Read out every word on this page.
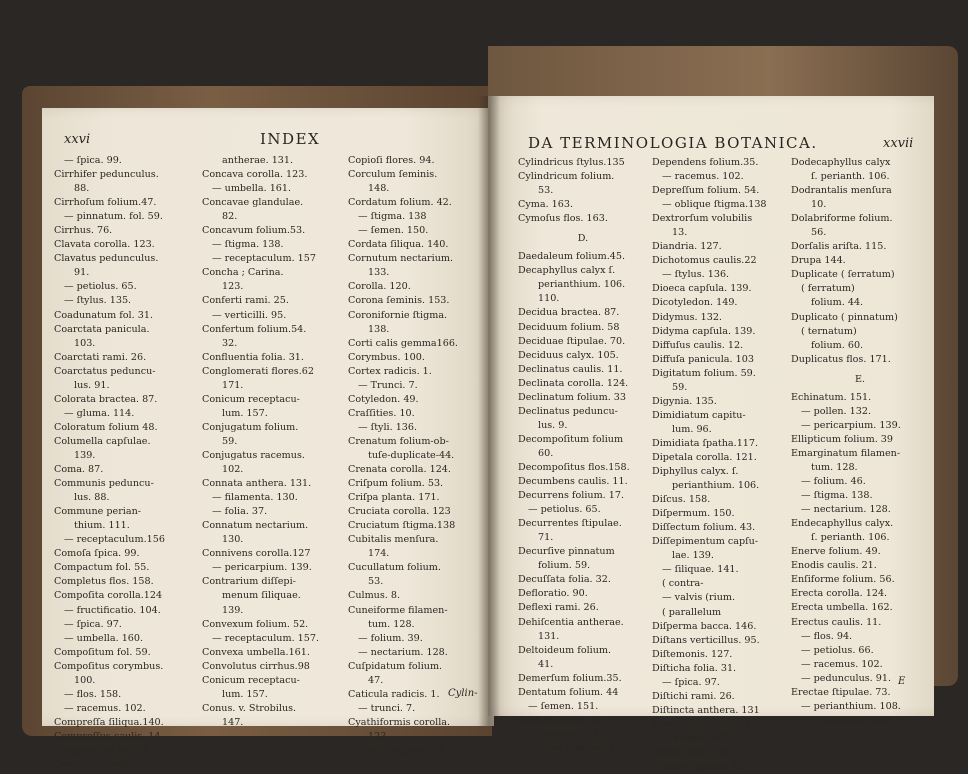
xxvi	INDEX
— ſpica. 99.
Cirrhifer pedunculus.
88.
Cirrhoſum folium.47.
— pinnatum. fol. 59.
Cirrhus. 76.
Clavata corolla. 123.
Clavatus pedunculus.
91.
— petiolus. 65.
— ſtylus. 135.
Coadunatum fol. 31.
Coarctata panicula.
103.
Coarctati rami. 26.
Coarctatus peduncu-
lus. 91.
Colorata bractea. 87.
— gluma. 114.
Coloratum folium 48.
Columella capſulae.
139.
Coma. 87.
Communis peduncu-
lus. 88.
Commune perian-
thium. 111.
— receptaculum.156
Comoſa ſpica. 99.
Compactum fol. 55.
Completus flos. 158.
Compoſita corolla.124
— fructificatio. 104.
— ſpica. 97.
— umbella. 160.
Compoſitum fol. 59.
Compoſitus corymbus.
100.
— flos. 158.
— racemus. 102.
Compreſſa ſiliqua.140.
Compreſſus caulis. 14.
Compreſſum fol. 59.
Cynatae ; coalitae
antherae. 131.
Concava corolla. 123.
— umbella. 161.
Concavae glandulae.
82.
Concavum folium.53.
— ſtigma. 138.
— receptaculum. 157
Concha ; Carina.
123.
Conferti rami. 25.
— verticilli. 95.
Confertum folium.54.
32.
Confluentia folia. 31.
Conglomerati flores.62
171.
Conicum receptacu-
lum. 157.
Conjugatum folium.
59.
Conjugatus racemus.
102.
Connata anthera. 131.
— filamenta. 130.
— folia. 37.
Connatum nectarium.
130.
Connivens corolla.127
— pericarpium. 139.
Contrarium diſſepi-
menum ſiliquae.
139.
Convexum folium. 52.
— receptaculum. 157.
Convexa umbella.161.
Convolutus cirrhus.98
Conicum receptacu-
lum. 157.
Conus. v. Strobilus.
147.
Copioſi flores. 94.
Corculum ſeminis.
148.
Cordatum folium. 42.
— ſtigma. 138
— ſemen. 150.
Cordata ſiliqua. 140.
Cornutum nectarium.
133.
Corolla. 120.
Corona ſeminis. 153.
Coronifornie ſtigma.
138.
Corti calis gemma166.
Corymbus. 100.
Cortex radicis. 1.
— Trunci. 7.
Cotyledon. 49.
Craſſities. 10.
— ſtyli. 136.
Crenatum folium-ob-
tuſe-duplicate-44.
Crenata corolla. 124.
Criſpum folium. 53.
Criſpa planta. 171.
Cruciata corolla. 123
Cruciatum ſtigma.138
Cubitalis menſura.
174.
Cucullatum folium.
53.
Culmus. 8.
Cuneiforme filamen-
tum. 128.
— folium. 39.
— nectarium. 128.
Cuſpidatum folium.
47.
Caticula radicis. 1.
— trunci. 7.
Cyathiformis corolla.
123.
Cylindrica ſpica. 98.
Cylin-
DA TERMINOLOGIA BOTANICA.	xxvii
Cylindricus ſtylus.135
Cylindricum folium.
53.
Cyma. 163.
Cymoſus flos. 163.
D.
Daedaleum folium.45.
Decaphyllus calyx ſ.
perianthium. 106.
110.
Decidua bractea. 87.
Deciduum folium. 58
Deciduae ſtipulae. 70.
Deciduus calyx. 105.
Declinatus caulis. 11.
Declinata corolla. 124.
Declinatum folium. 33
Declinatus peduncu-
lus. 9.
Decompoſitum folium
60.
Decompoſitus flos.158.
Decumbens caulis. 11.
Decurrens folium. 17.
— petiolus. 65.
Decurrentes ſtipulae.
71.
Decurſive pinnatum
folium. 59.
Decuſſata folia. 32.
Defloratio. 90.
Deflexi rami. 26.
Dehiſcentia antherae.
131.
Deltoideum folium.
41.
Demerſum folium.35.
Dentatum folium. 44
— ſemen. 151.
Dentata radix. 4.
— corolla. 124.
Dentatae ſtipulae. 74.
Dependens folium.35.
— racemus. 102.
Depreſſum folium. 54.
— oblique ſtigma.138
Dextrorſum volubilis
13.
Diandria. 127.
Dichotomus caulis.22
— ſtylus. 136.
Dioeca capſula. 139.
Dicotyledon. 149.
Didymus. 132.
Didyma capſula. 139.
Diffuſus caulis. 12.
Diffuſa panicula. 103
Digitatum folium. 59.
59.
Digynia. 135.
Dimidiatum capitu-
lum. 96.
Dimidiata ſpatha.117.
Dipetala corolla. 121.
Diphyllus calyx. ſ.
perianthium. 106.
Diſcus. 158.
Diſpermum. 150.
Diſſectum folium. 43.
Diſſepimentum capſu-
lae. 139.
— ſiliquae. 141.
( contra-
— valvis (rium.
( parallelum
Diſperma bacca. 146.
Diſtans verticillus. 95.
Diſtemonis. 127.
Diſticha folia. 31.
— ſpica. 97.
Diſtichi rami. 26.
Diſtincta anthera. 131
Divaricatus caulis. 23.
— ramus. 169.
Diviſa folia. 124.
Diviſae ſtipulae. 85.
Dodecaphyllus calyx
ſ. perianth. 106.
Dodrantalis menſura
10.
Dolabriforme folium.
56.
Dorſalis ariſta. 115.
Drupa 144.
Duplicate ( ſerratum)
( ferratum)
folium. 44.
Duplicato ( pinnatum)
( ternatum)
folium. 60.
Duplicatus flos. 171.
E.
Echinatum. 151.
— pollen. 132.
— pericarpium. 139.
Ellipticum folium. 39
Emarginatum filamen-
tum. 128.
— folium. 46.
— ſtigma. 138.
— nectarium. 128.
Endecaphyllus calyx.
ſ. perianth. 106.
Enerve folium. 49.
Enodis caulis. 21.
Enſiforme folium. 56.
Erecta corolla. 124.
Erecta umbella. 162.
Erectus caulis. 11.
— flos. 94.
— petiolus. 66.
— racemus. 102.
— pedunculus. 91.
Erectae ſtipulae. 73.
— perianthium. 108.
ſ : perianth. 106.
E
